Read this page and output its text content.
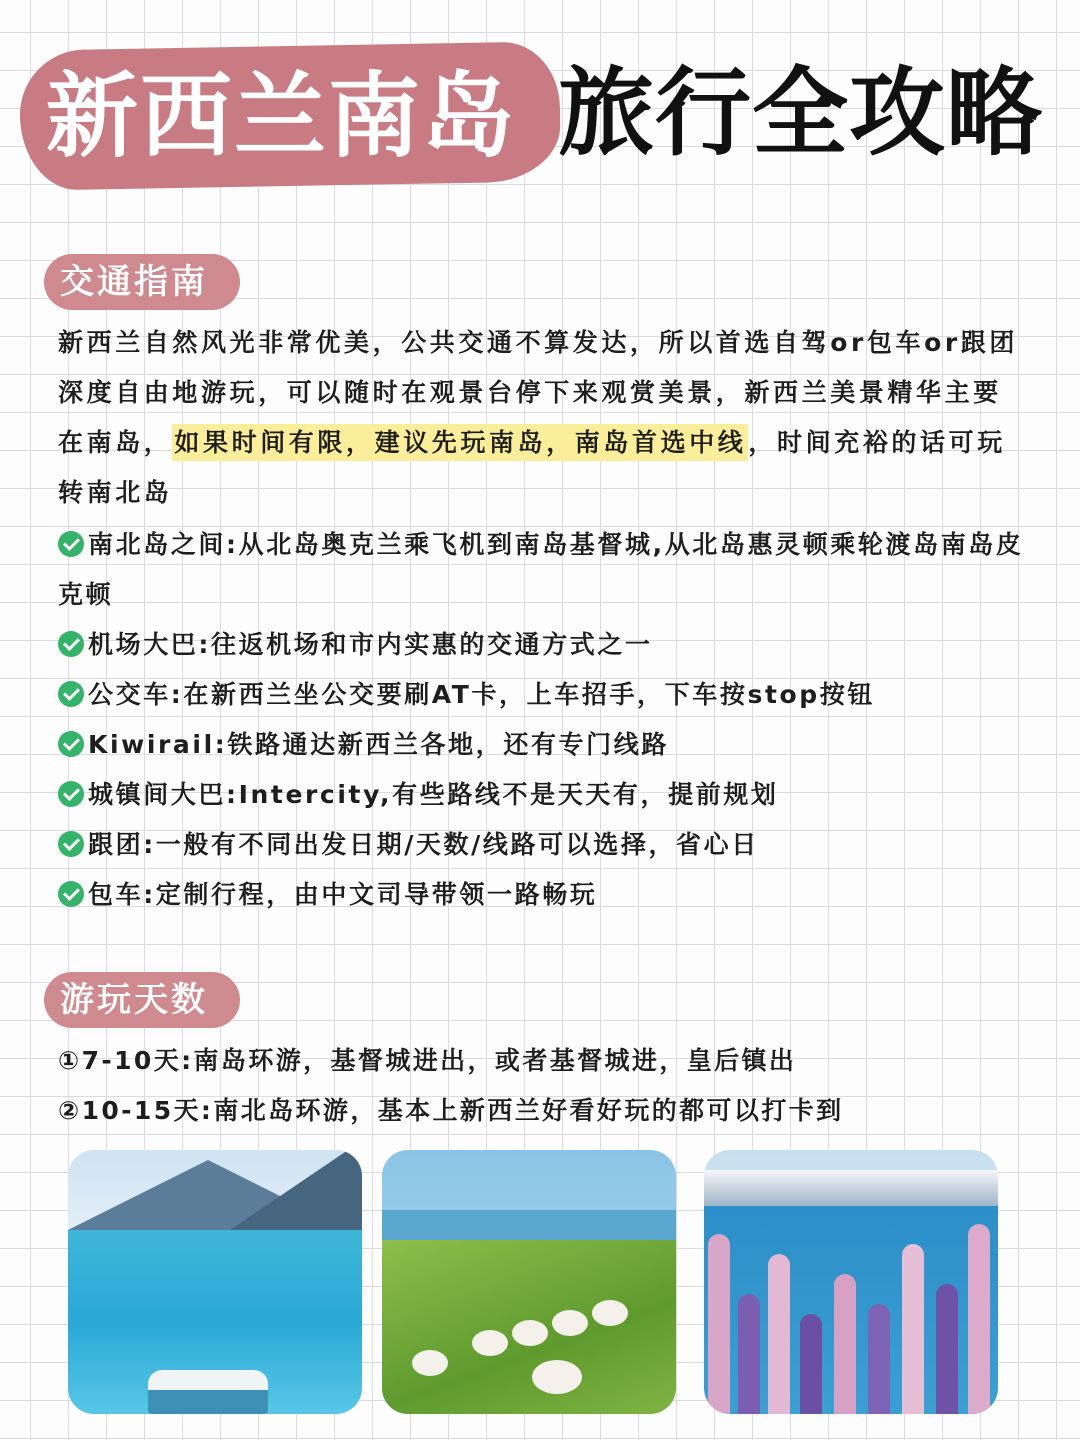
新西兰南岛 旅行全攻略
交通指南
新西兰自然风光非常优美，公共交通不算发达，所以首选自驾or包车or跟团深度自由地游玩，可以随时在观景台停下来观赏美景，新西兰美景精华主要在南岛，如果时间有限，建议先玩南岛，南岛首选中线，时间充裕的话可玩转南北岛
南北岛之间:从北岛奥克兰乘飞机到南岛基督城,从北岛惠灵顿乘轮渡岛南岛皮克顿
机场大巴:往返机场和市内实惠的交通方式之一
公交车:在新西兰坐公交要刷AT卡，上车招手，下车按stop按钮
Kiwirail:铁路通达新西兰各地，还有专门线路
城镇间大巴:Intercity,有些路线不是天天有，提前规划
跟团:一般有不同出发日期/天数/线路可以选择，省心日
包车:定制行程，由中文司导带领一路畅玩
游玩天数
①7-10天:南岛环游，基督城进出，或者基督城进，皇后镇出
②10-15天:南北岛环游，基本上新西兰好看好玩的都可以打卡到
